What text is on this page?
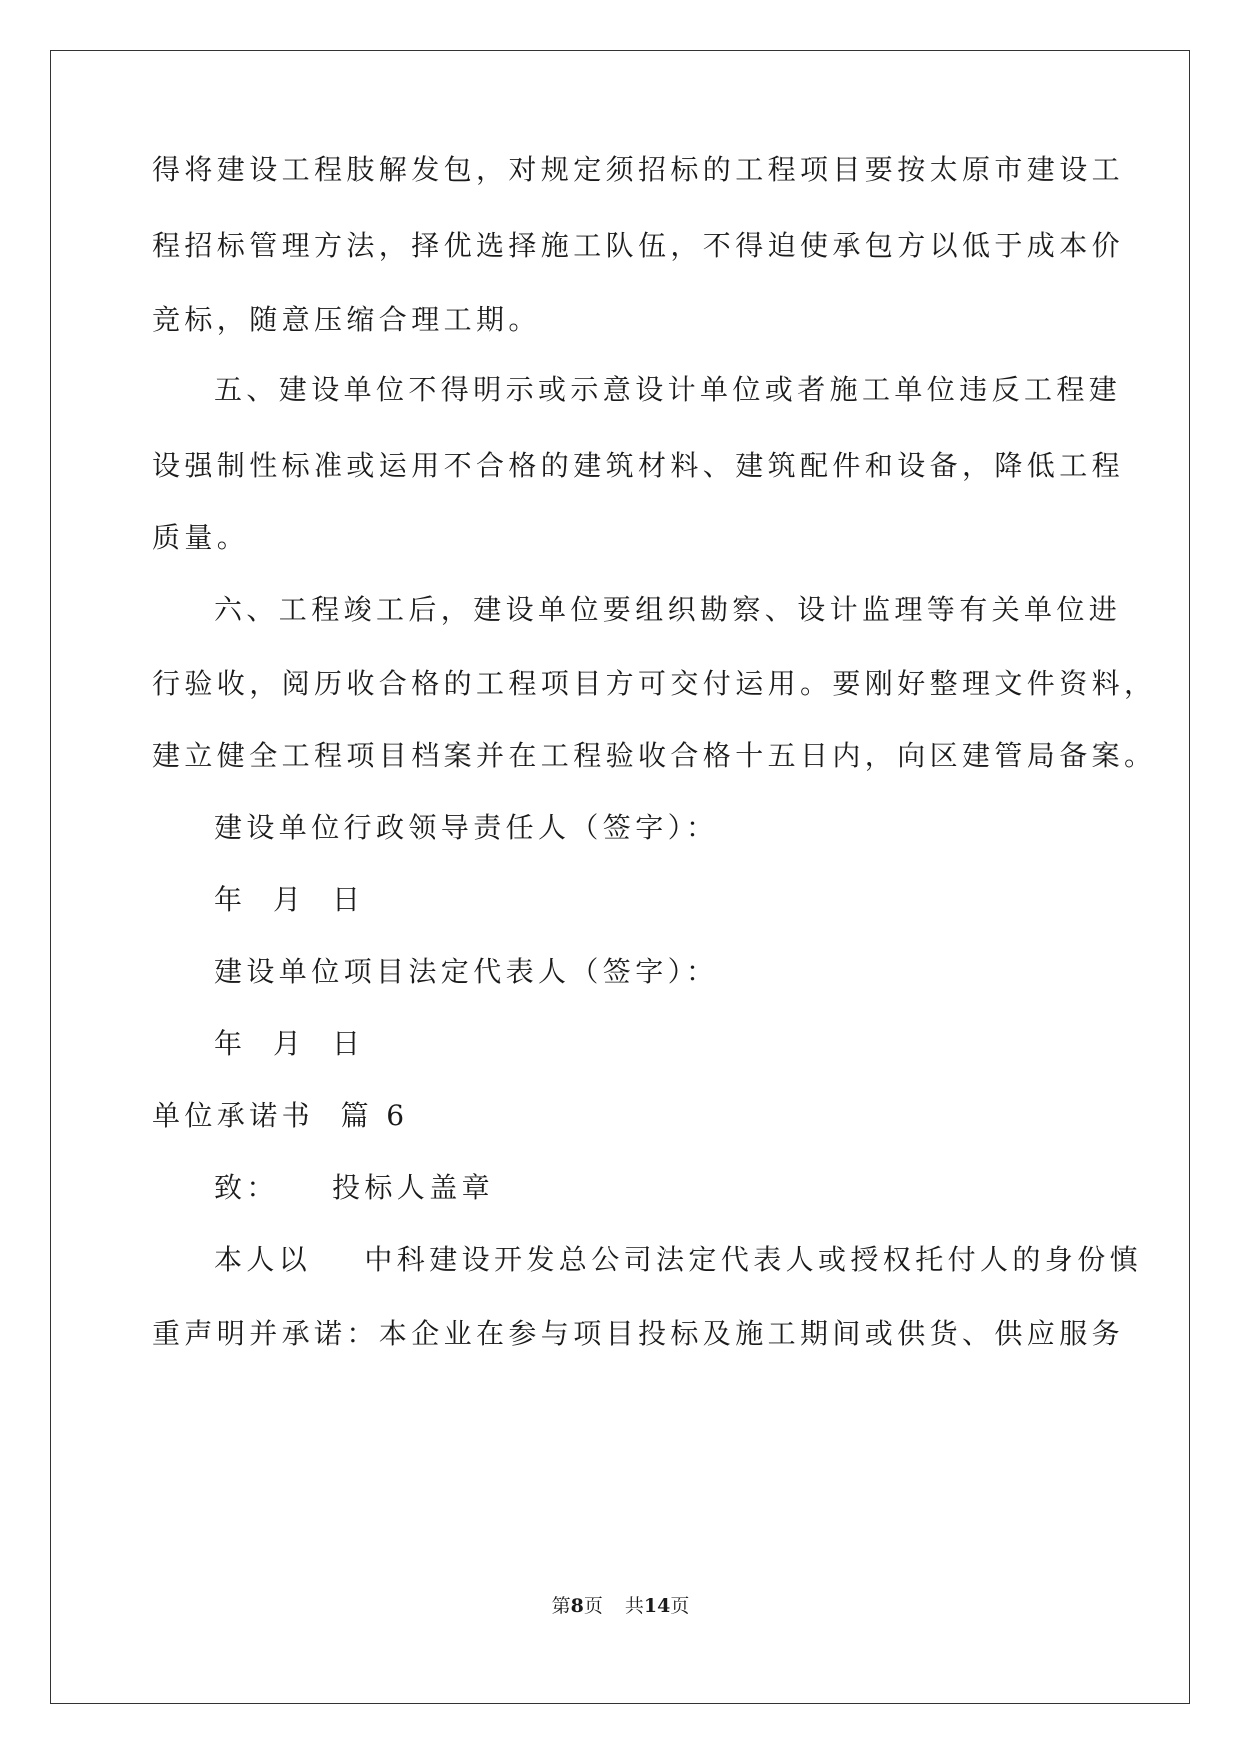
得将建设工程肢解发包，对规定须招标的工程项目要按太原市建设工
程招标管理方法，择优选择施工队伍，不得迫使承包方以低于成本价
竞标，随意压缩合理工期。
五、建设单位不得明示或示意设计单位或者施工单位违反工程建
设强制性标准或运用不合格的建筑材料、建筑配件和设备，降低工程
质量。
六、工程竣工后，建设单位要组织勘察、设计监理等有关单位进
行验收，阅历收合格的工程项目方可交付运用。要刚好整理文件资料，
建立健全工程项目档案并在工程验收合格十五日内，向区建管局备案。
建设单位行政领导责任人（签字）：
年  月  日
建设单位项目法定代表人（签字）：
年  月  日
单位承诺书  篇 6
致：    投标人盖章
本人以    中科建设开发总公司法定代表人或授权托付人的身份慎
重声明并承诺：本企业在参与项目投标及施工期间或供货、供应服务
第8页 共14页
